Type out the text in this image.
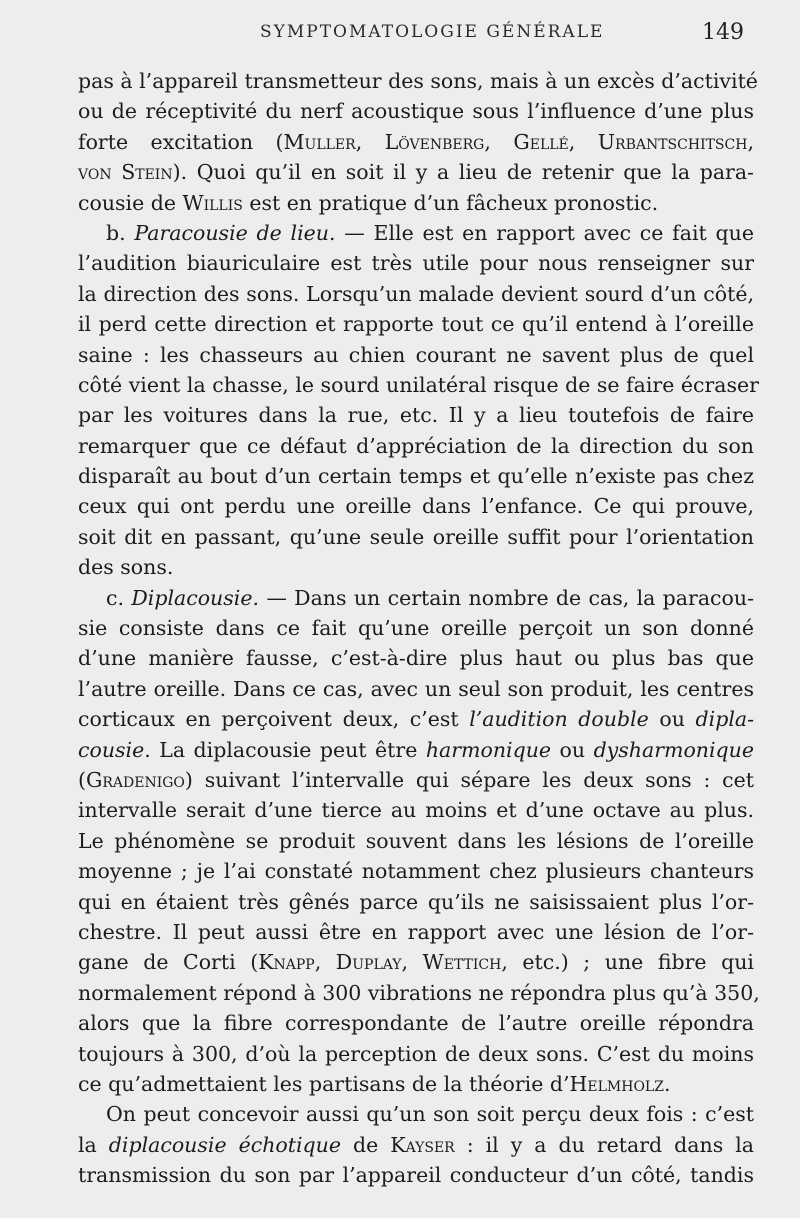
SYMPTOMATOLOGIE GÉNÉRALE	149
pas à l’appareil transmetteur des sons, mais à un excès d’activité
ou de réceptivité du nerf acoustique sous l’influence d’une plus
forte excitation (Muller, Lövenberg, Gellé, Urbantschitsch,
von Stein). Quoi qu’il en soit il y a lieu de retenir que la para-
cousie de Willis est en pratique d’un fâcheux pronostic.
b. Paracousie de lieu. — Elle est en rapport avec ce fait que
l’audition biauriculaire est très utile pour nous renseigner sur
la direction des sons. Lorsqu’un malade devient sourd d’un côté,
il perd cette direction et rapporte tout ce qu’il entend à l’oreille
saine : les chasseurs au chien courant ne savent plus de quel
côté vient la chasse, le sourd unilatéral risque de se faire écraser
par les voitures dans la rue, etc. Il y a lieu toutefois de faire
remarquer que ce défaut d’appréciation de la direction du son
disparaît au bout d’un certain temps et qu’elle n’existe pas chez
ceux qui ont perdu une oreille dans l’enfance. Ce qui prouve,
soit dit en passant, qu’une seule oreille suffit pour l’orientation
des sons.
c. Diplacousie. — Dans un certain nombre de cas, la paracou-
sie consiste dans ce fait qu’une oreille perçoit un son donné
d’une manière fausse, c’est-à-dire plus haut ou plus bas que
l’autre oreille. Dans ce cas, avec un seul son produit, les centres
corticaux en perçoivent deux, c’est l’audition double ou dipla-
cousie. La diplacousie peut être harmonique ou dysharmonique
(Gradenigo) suivant l’intervalle qui sépare les deux sons : cet
intervalle serait d’une tierce au moins et d’une octave au plus.
Le phénomène se produit souvent dans les lésions de l’oreille
moyenne ; je l’ai constaté notamment chez plusieurs chanteurs
qui en étaient très gênés parce qu’ils ne saisissaient plus l’or-
chestre. Il peut aussi être en rapport avec une lésion de l’or-
gane de Corti (Knapp, Duplay, Wettich, etc.) ; une fibre qui
normalement répond à 300 vibrations ne répondra plus qu’à 350,
alors que la fibre correspondante de l’autre oreille répondra
toujours à 300, d’où la perception de deux sons. C’est du moins
ce qu’admettaient les partisans de la théorie d’Helmholz.
On peut concevoir aussi qu’un son soit perçu deux fois : c’est
la diplacousie échotique de Kayser : il y a du retard dans la
transmission du son par l’appareil conducteur d’un côté, tandis
